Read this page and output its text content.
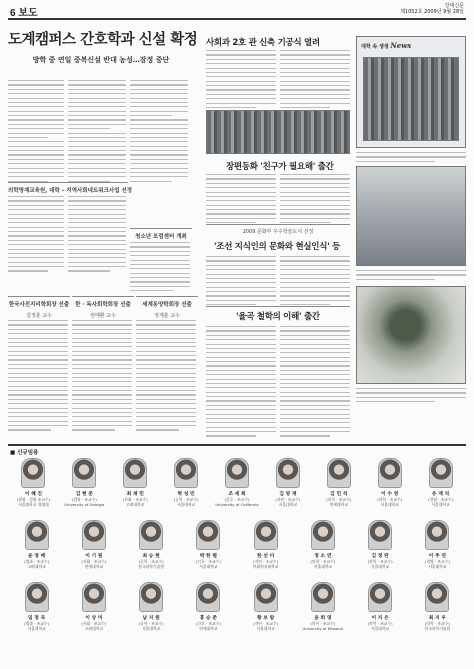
6 보도
강대신문
제1052호 2009년 9월 28일
도계캠퍼스 간호학과 신설 확정
방학 중 연일 중복신설 반대 농성…잠정 중단
의학영재교육원, 대학 – 지역사회네트워크사업 선정
청소년 포럼센터 개최
사회과 2호 관 신축 기공식 열려	대학 속 생생 News
장편동화 '친구가 필요해' 출간
2009 문화부 우수학술도서 선정
'조선 지식인의 문화와 현실인식' 등
'율곡 철학의 이해' 출간
한국사진지리학회장 선출
김정훈 교수
한 · 독사회학회장 선출
권태환 교수
세계동양학회장 선출
정재훈 교수
■ 신규임용
이 혜 진
(경영 · 경영 조교수)
서울대학교 경영대
김 현 준
(법과 · 조교수)
University of Georgia
최 재 민
(사회 · 조교수)
고려대학교
박 성 민
(공학 · 조교수)
서울대학교
조 세 희
(간호 · 조교수)
University of California
김 영 재
(자연 · 조교수)
서울대학교
김 민 석
(의학 · 조교수)
연세대학교
이 수 영
(약학 · 조교수)
서울대학교
유 재 석
(경영 · 조교수)
서울대학교
윤 영 배
(법과 · 조교수)
고려대학교
이 기 원
(사회 · 조교수)
연세대학교
최 승 현
(공학 · 조교수)
한국과학기술원
박 한 별
(간호 · 조교수)
서울대학교
한 선 미
(자연 · 조교수)
이화여자대학교
정 소 연
(의학 · 조교수)
서울대학교
김 정 란
(약학 · 조교수)
서울대학교
이 주 연
(경영 · 조교수)
서울대학교
임 정 욱
(법과 · 조교수)
서울대학교
이 상 미
(사회 · 조교수)
고려대학교
남 지 원
(공학 · 조교수)
서울대학교
홍 승 준
(간호 · 조교수)
연세대학교
황 보 람
(자연 · 조교수)
서울대학교
윤 희 영
(의학 · 조교수)
University of Missouri
이 지 은
(약학 · 조교수)
서울대학교
최 지 우
(약학 · 조교수)
한국과학기술원
